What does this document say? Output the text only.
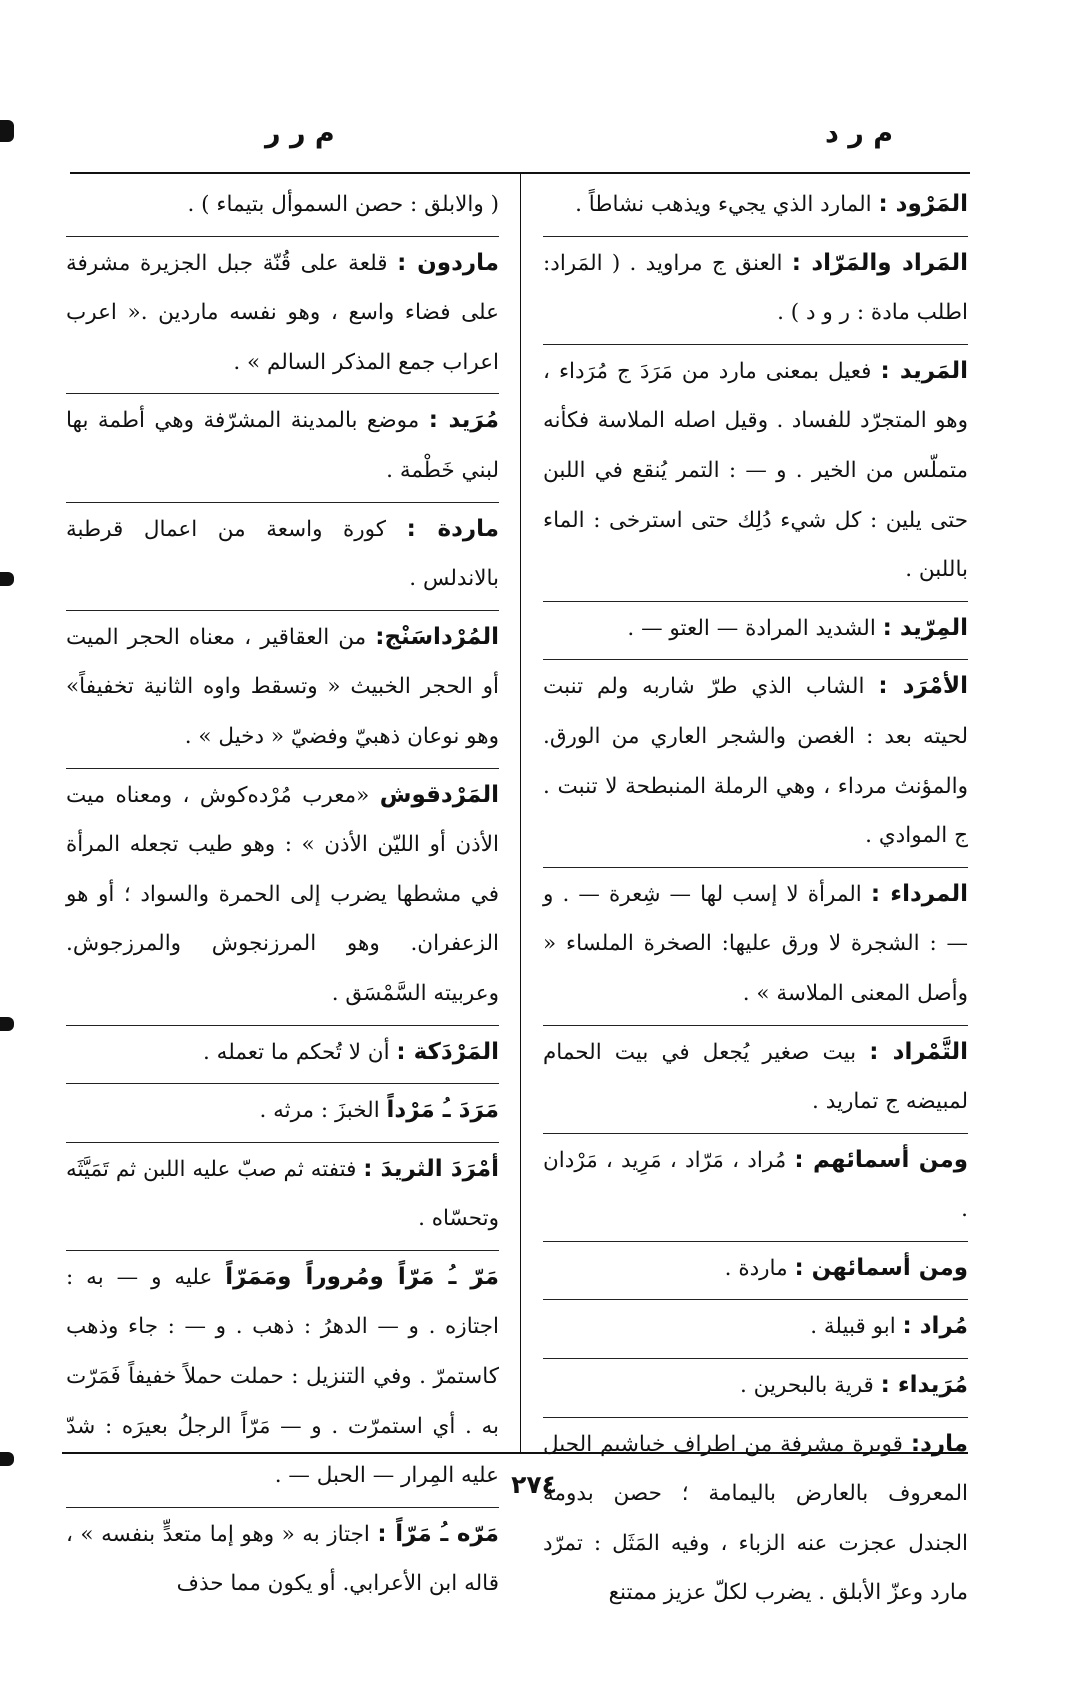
م ر د
م ر ر
المَرْود : المارد الذي يجيء ويذهب نشاطاً .
المَراد والمَرّاد : العنق ج مراويد . ( المَراد: اطلب مادة : ر و د ) .
المَريد : فعيل بمعنى مارد من مَرَدَ ج مُرَداء ، وهو المتجرّد للفساد . وقيل اصله الملاسة فكأنه متملّس من الخير . و — : التمر يُنقع في اللبن حتى يلين : كل شيء دُلِك حتى استرخى : الماء باللبن .
المِرّيد : الشديد المرادة — العتو — .
الأمْرَد : الشاب الذي طرّ شاربه ولم تنبت لحيته بعد : الغصن والشجر العاري من الورق. والمؤنث مرداء ، وهي الرملة المنبطحة لا تنبت . ج الموادي .
المرداء : المرأة لا إسب لها — شِعرة — . و — : الشجرة لا ورق عليها: الصخرة الملساء « وأصل المعنى الملاسة » .
التَّمْراد : بيت صغير يُجعل في بيت الحمام لمبيضه ج تماريد .
ومن أسمائهم : مُراد ، مَرّاد ، مَرِيد ، مَرْدان .
ومن أسمائهن : ماردة .
مُراد : ابو قبيلة .
مُرَيداء : قرية بالبحرين .
مارد: قويرة مشرفة من اطراف خياشيم الجبل المعروف بالعارض باليمامة ؛ حصن بدومة الجندل عجزت عنه الزباء ، وفيه المَثَل : تمرّد مارد وعزّ الأبلق . يضرب لكلّ عزيز ممتنع
( والابلق : حصن السموأل بتيماء ) .
ماردون : قلعة على قُنّة جبل الجزيرة مشرفة على فضاء واسع ، وهو نفسه ماردين .« اعرب اعراب جمع المذكر السالم » .
مُرَيد : موضع بالمدينة المشرّفة وهي أطمة بها لبني خَطْمة .
ماردة : كورة واسعة من اعمال قرطبة بالاندلس .
المُرْداسَنْج: من العقاقير ، معناه الحجر الميت أو الحجر الخبيث « وتسقط واوه الثانية تخفيفاً» وهو نوعان ذهبيّ وفضيّ « دخيل » .
المَرْدقوش «معرب مُرْده‌كوش ، ومعناه ميت الأذن أو الليّن الأذن » : وهو طيب تجعله المرأة في مشطها يضرب إلى الحمرة والسواد ؛ أو هو الزعفران. وهو المرزنجوش والمرزجوش. وعربيته السَّمْسَق .
المَرْدَكة : أن لا تُحكم ما تعمله .
مَرَدَ ـُ مَرْداً الخبزَ : مرثه .
أمْرَدَ الثريدَ : فتفته ثم صبّ عليه اللبن ثم تَمَيَّثَه وتحسّاه .
مَرّ ـُ مَرّاً ومُروراً ومَمَرّاً عليه و — به : اجتازه . و — الدهرُ : ذهب . و — : جاء وذهب كاستمرّ . وفي التنزيل : حملت حملاً خفيفاً فَمَرّت به . أي استمرّت . و — مَرّاً الرجلُ بعيرَه : شدّ عليه المِرار — الحبل — .
مَرّه ـُ مَرّاً : اجتاز به « وهو إما متعدٍّ بنفسه » ، قاله ابن الأعرابي. أو يكون مما حذف
٢٧٤
